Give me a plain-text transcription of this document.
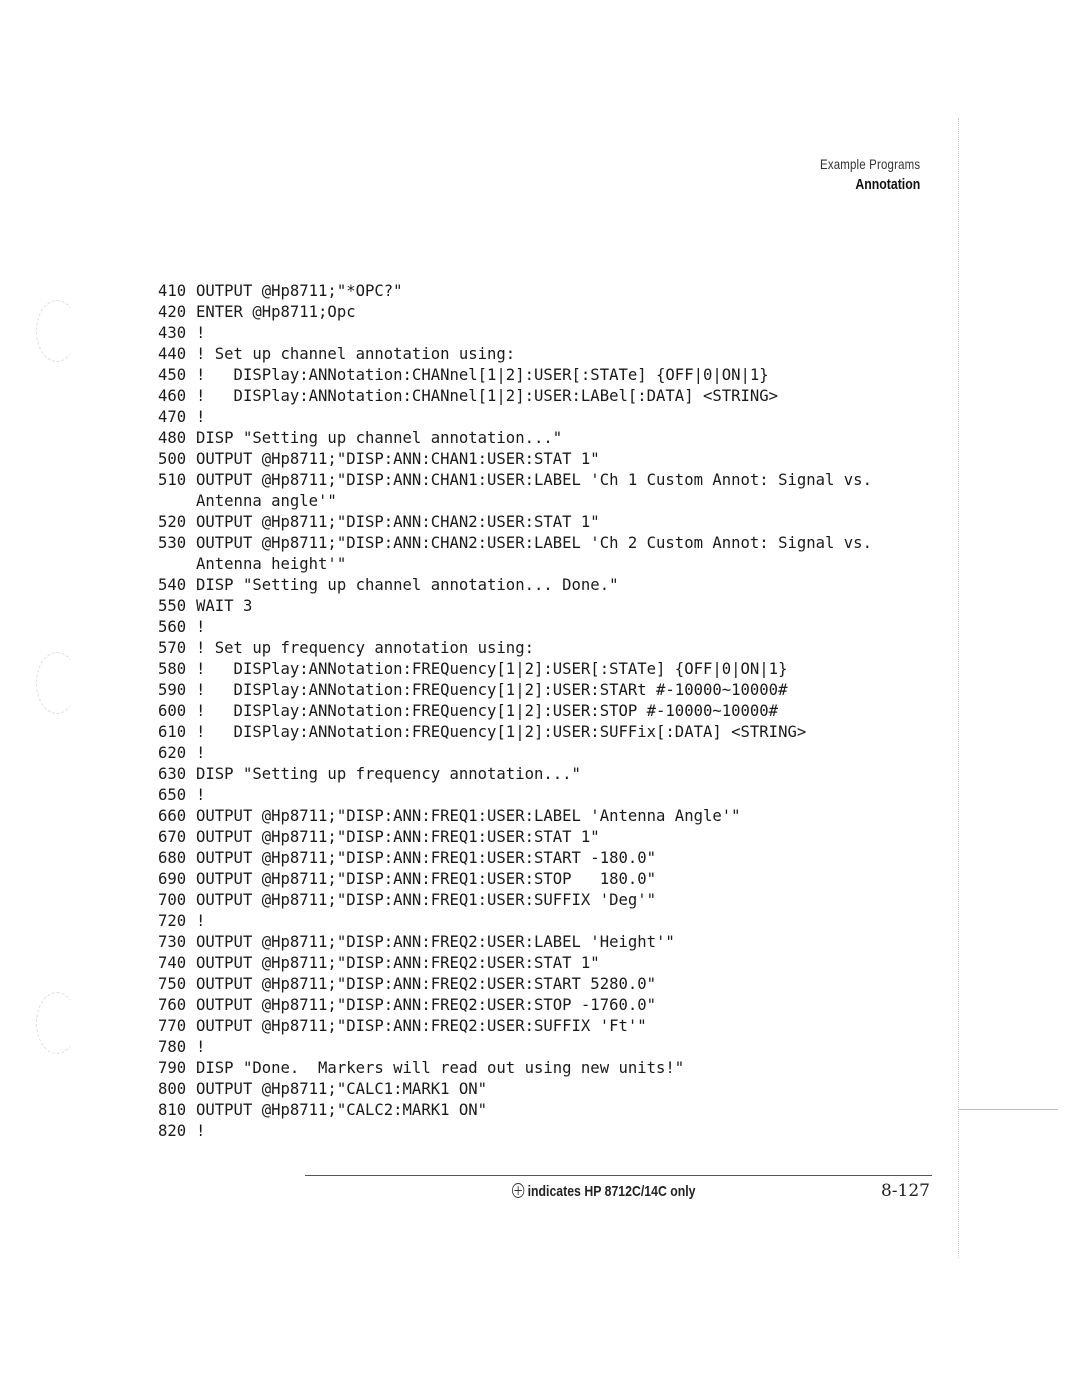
Example Programs
Annotation
410 OUTPUT @Hp8711;"*OPC?"
420 ENTER @Hp8711;Opc
430 !
440 ! Set up channel annotation using:
450 !   DISPlay:ANNotation:CHANnel[1|2]:USER[:STATe] {OFF|0|ON|1}
460 !   DISPlay:ANNotation:CHANnel[1|2]:USER:LABel[:DATA] <STRING>
470 !
480 DISP "Setting up channel annotation..."
500 OUTPUT @Hp8711;"DISP:ANN:CHAN1:USER:STAT 1"
510 OUTPUT @Hp8711;"DISP:ANN:CHAN1:USER:LABEL 'Ch 1 Custom Annot: Signal vs.
Antenna angle'"
520 OUTPUT @Hp8711;"DISP:ANN:CHAN2:USER:STAT 1"
530 OUTPUT @Hp8711;"DISP:ANN:CHAN2:USER:LABEL 'Ch 2 Custom Annot: Signal vs.
Antenna height'"
540 DISP "Setting up channel annotation... Done."
550 WAIT 3
560 !
570 ! Set up frequency annotation using:
580 !   DISPlay:ANNotation:FREQuency[1|2]:USER[:STATe] {OFF|0|ON|1}
590 !   DISPlay:ANNotation:FREQuency[1|2]:USER:STARt #-10000~10000#
600 !   DISPlay:ANNotation:FREQuency[1|2]:USER:STOP #-10000~10000#
610 !   DISPlay:ANNotation:FREQuency[1|2]:USER:SUFFix[:DATA] <STRING>
620 !
630 DISP "Setting up frequency annotation..."
650 !
660 OUTPUT @Hp8711;"DISP:ANN:FREQ1:USER:LABEL 'Antenna Angle'"
670 OUTPUT @Hp8711;"DISP:ANN:FREQ1:USER:STAT 1"
680 OUTPUT @Hp8711;"DISP:ANN:FREQ1:USER:START -180.0"
690 OUTPUT @Hp8711;"DISP:ANN:FREQ1:USER:STOP   180.0"
700 OUTPUT @Hp8711;"DISP:ANN:FREQ1:USER:SUFFIX 'Deg'"
720 !
730 OUTPUT @Hp8711;"DISP:ANN:FREQ2:USER:LABEL 'Height'"
740 OUTPUT @Hp8711;"DISP:ANN:FREQ2:USER:STAT 1"
750 OUTPUT @Hp8711;"DISP:ANN:FREQ2:USER:START 5280.0"
760 OUTPUT @Hp8711;"DISP:ANN:FREQ2:USER:STOP -1760.0"
770 OUTPUT @Hp8711;"DISP:ANN:FREQ2:USER:SUFFIX 'Ft'"
780 !
790 DISP "Done.  Markers will read out using new units!"
800 OUTPUT @Hp8711;"CALC1:MARK1 ON"
810 OUTPUT @Hp8711;"CALC2:MARK1 ON"
820 !
indicates HP 8712C/14C only	8-127
